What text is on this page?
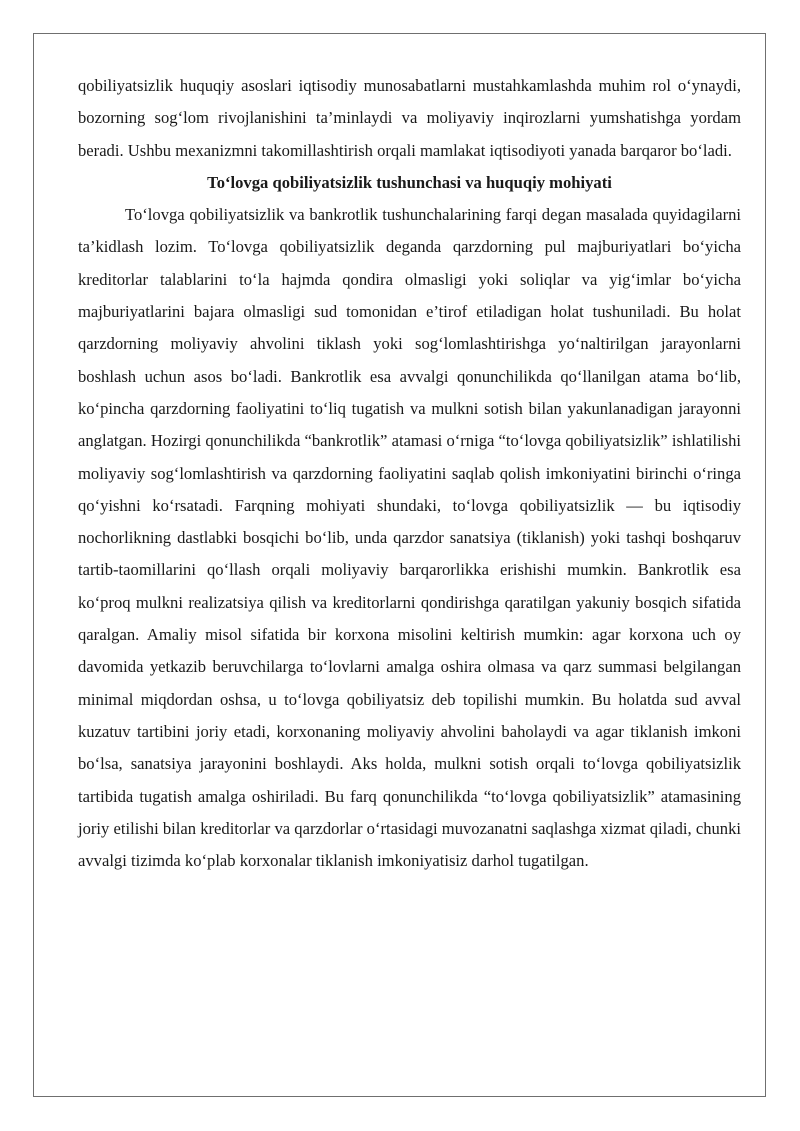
qobiliyatsizlik huquqiy asoslari iqtisodiy munosabatlarni mustahkamlashda muhim rol o‘ynaydi, bozorning sog‘lom rivojlanishini ta’minlaydi va moliyaviy inqirozlarni yumshatishga yordam beradi. Ushbu mexanizmni takomillashtirish orqali mamlakat iqtisodiyoti yanada barqaror bo‘ladi.

To‘lovga qobiliyatsizlik tushunchasi va huquqiy mohiyati

To‘lovga qobiliyatsizlik va bankrotlik tushunchalarining farqi degan masalada quyidagilarni ta’kidlash lozim. To‘lovga qobiliyatsizlik deganda qarzdorning pul majburiyatlari bo‘yicha kreditorlar talablarini to‘la hajmda qondira olmasligi yoki soliqlar va yig‘imlar bo‘yicha majburiyatlarini bajara olmasligi sud tomonidan e’tirof etiladigan holat tushuniladi. Bu holat qarzdorning moliyaviy ahvolini tiklash yoki sog‘lomlashtirishga yo‘naltirilgan jarayonlarni boshlash uchun asos bo‘ladi. Bankrotlik esa avvalgi qonunchilikda qo‘llanilgan atama bo‘lib, ko‘pincha qarzdorning faoliyatini to‘liq tugatish va mulkni sotish bilan yakunlanadigan jarayonni anglatgan. Hozirgi qonunchilikda “bankrotlik” atamasi o‘rniga “to‘lovga qobiliyatsizlik” ishlatilishi moliyaviy sog‘lomlashtirish va qarzdorning faoliyatini saqlab qolish imkoniyatini birinchi o‘ringa qo‘yishni ko‘rsatadi. Farqning mohiyati shundaki, to‘lovga qobiliyatsizlik — bu iqtisodiy nochorlikning dastlabki bosqichi bo‘lib, unda qarzdor sanatsiya (tiklanish) yoki tashqi boshqaruv tartib-taomillarini qo‘llash orqali moliyaviy barqarorlikka erishishi mumkin. Bankrotlik esa ko‘proq mulkni realizatsiya qilish va kreditorlarni qondirishga qaratilgan yakuniy bosqich sifatida qaralgan. Amaliy misol sifatida bir korxona misolini keltirish mumkin: agar korxona uch oy davomida yetkazib beruvchilarga to‘lovlarni amalga oshira olmasa va qarz summasi belgilangan minimal miqdordan oshsa, u to‘lovga qobiliyatsiz deb topilishi mumkin. Bu holatda sud avval kuzatuv tartibini joriy etadi, korxonaning moliyaviy ahvolini baholaydi va agar tiklanish imkoni bo‘lsa, sanatsiya jarayonini boshlaydi. Aks holda, mulkni sotish orqali to‘lovga qobiliyatsizlik tartibida tugatish amalga oshiriladi. Bu farq qonunchilikda “to‘lovga qobiliyatsizlik” atamasining joriy etilishi bilan kreditorlar va qarzdorlar o‘rtasidagi muvozanatni saqlashga xizmat qiladi, chunki avvalgi tizimda ko‘plab korxonalar tiklanish imkoniyatisiz darhol tugatilgan.
